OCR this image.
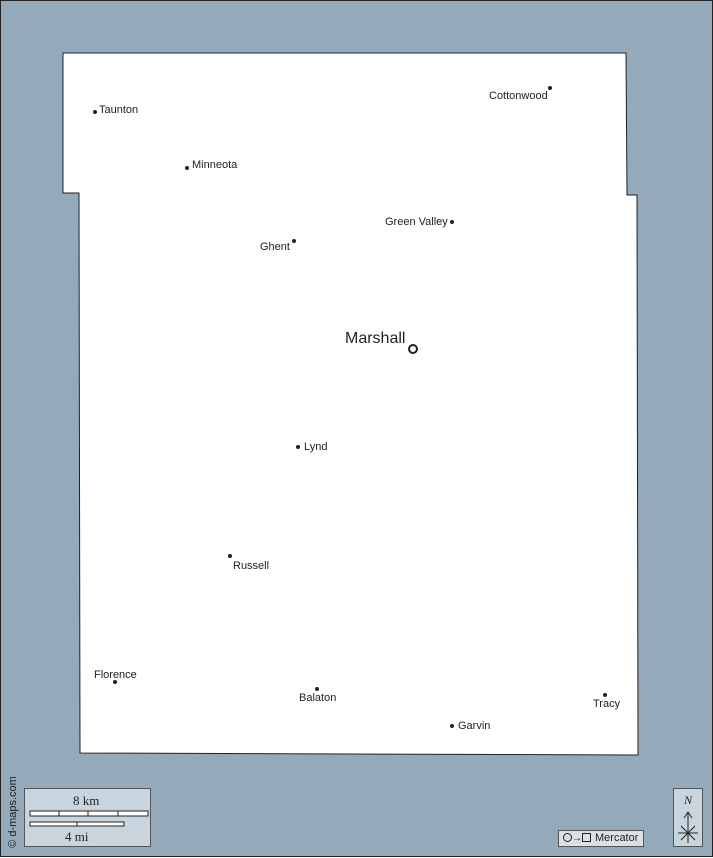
Taunton
Cottonwood
Minneota
Green Valley
Ghent
Marshall
Lynd
Russell
Florence
Balaton	Tracy
Garvin
© d-maps.com	8 km
4 mi
N
→ Mercator
